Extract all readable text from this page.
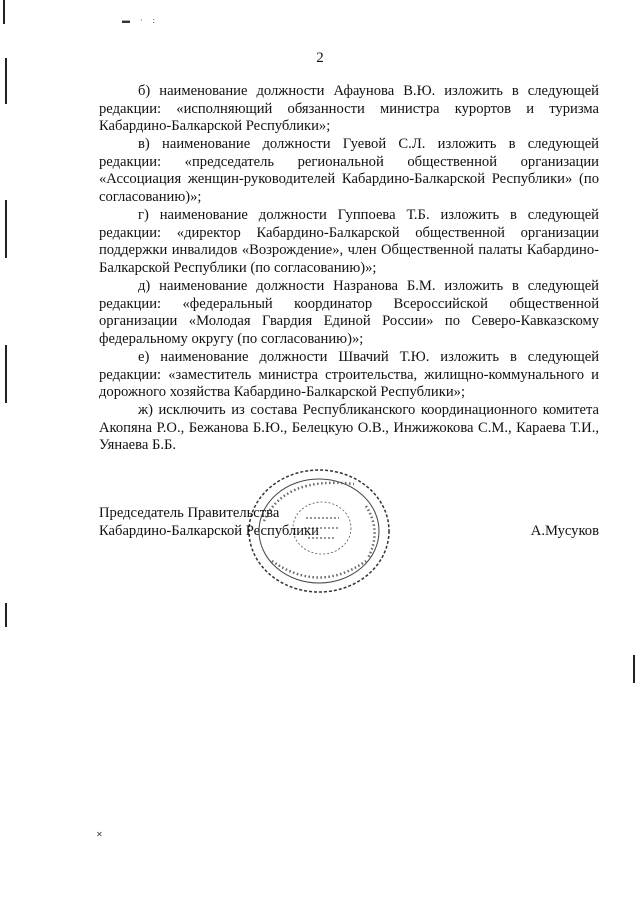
▬ · :
✕
2

б) наименование должности Афаунова В.Ю. изложить в следующей редакции: «исполняющий обязанности министра курортов и туризма Кабардино-Балкарской Республики»;

в) наименование должности Гуевой С.Л. изложить в следующей редакции: «председатель региональной общественной организации «Ассоциация женщин-руководителей Кабардино-Балкарской Республики» (по согласованию)»;

г) наименование должности Гуппоева Т.Б. изложить в следующей редакции: «директор Кабардино-Балкарской общественной организации поддержки инвалидов «Возрождение», член Общественной палаты Кабардино-Балкарской Республики (по согласованию)»;

д) наименование должности Назранова Б.М. изложить в следующей редакции: «федеральный координатор Всероссийской общественной организации «Молодая Гвардия Единой России» по Северо-Кавказскому федеральному округу (по согласованию)»;

е) наименование должности Швачий Т.Ю. изложить в следующей редакции: «заместитель министра строительства, жилищно-коммунального и дорожного хозяйства Кабардино-Балкарской Республики»;

ж) исключить из состава Республиканского координационного комитета Акопяна Р.О., Бежанова Б.Ю., Белецкую О.В., Инжижокова С.М., Караева Т.И., Уянаева Б.Б.

Председатель Правительства
Кабардино-Балкарской Республики	А.Мусуков
